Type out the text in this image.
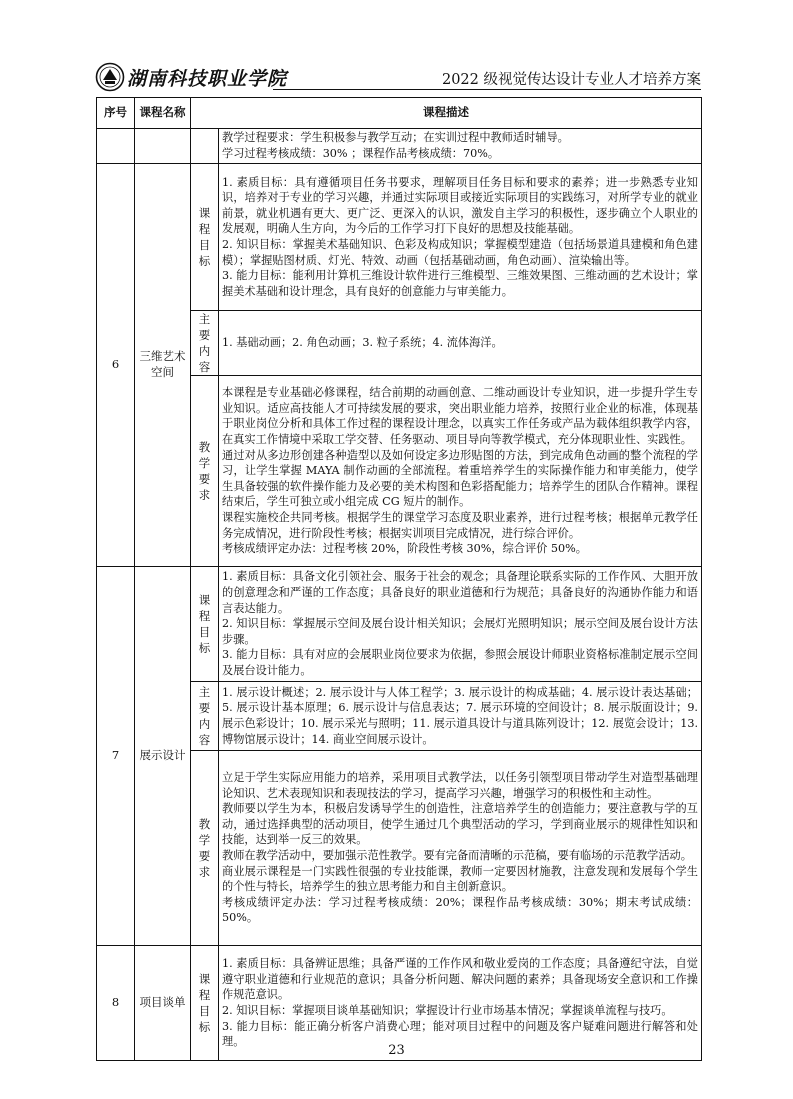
湖南科技职业学院	2022 级视觉传达设计专业人才培养方案
序号	课程名称	课程描述	

			教学过程要求：学生积极参与教学互动；在实训过程中教师适时辅导。
学习过程考核成绩：30% ；课程作品考核成绩：70%。

6	三维艺术空间	课程目标	1. 素质目标：具有遵循项目任务书要求，理解项目任务目标和要求的素养；进一步熟悉专业知识，培养对于专业的学习兴趣，并通过实际项目或接近实际项目的实践练习，对所学专业的就业前景，就业机遇有更大、更广泛、更深入的认识，激发自主学习的积极性，逐步确立个人职业的发展观，明确人生方向，为今后的工作学习打下良好的思想及技能基础。
2. 知识目标：掌握美术基础知识、色彩及构成知识；掌握模型建造（包括场景道具建模和角色建模）；掌握贴图材质、灯光、特效、动画（包括基础动画，角色动画）、渲染输出等。
3. 能力目标：能利用计算机三维设计软件进行三维模型、三维效果图、三维动画的艺术设计；掌握美术基础和设计理念，具有良好的创意能力与审美能力。

		主要内容	1. 基础动画；2. 角色动画；3. 粒子系统；4. 流体海洋。

		教学要求	本课程是专业基础必修课程，结合前期的动画创意、二维动画设计专业知识，进一步提升学生专业知识。适应高技能人才可持续发展的要求，突出职业能力培养，按照行业企业的标准，体现基于职业岗位分析和具体工作过程的课程设计理念，以真实工作任务或产品为载体组织教学内容，在真实工作情境中采取工学交替、任务驱动、项目导向等教学模式，充分体现职业性、实践性。
通过对从多边形创建各种造型以及如何设定多边形贴图的方法，到完成角色动画的整个流程的学习，让学生掌握 MAYA 制作动画的全部流程。着重培养学生的实际操作能力和审美能力，使学生具备较强的软件操作能力及必要的美术构图和色彩搭配能力；培养学生的团队合作精神。课程结束后，学生可独立或小组完成 CG 短片的制作。
课程实施校企共同考核。根据学生的课堂学习态度及职业素养，进行过程考核；根据单元教学任务完成情况，进行阶段性考核；根据实训项目完成情况，进行综合评价。
考核成绩评定办法：过程考核 20%，阶段性考核 30%，综合评价 50%。

7	展示设计	课程目标	1. 素质目标：具备文化引领社会、服务于社会的观念；具备理论联系实际的工作作风、大胆开放的创意理念和严谨的工作态度；具备良好的职业道德和行为规范；具备良好的沟通协作能力和语言表达能力。
2. 知识目标：掌握展示空间及展台设计相关知识；会展灯光照明知识；展示空间及展台设计方法步骤。
3. 能力目标：具有对应的会展职业岗位要求为依据，参照会展设计师职业资格标准制定展示空间及展台设计能力。

		主要内容	1. 展示设计概述；2. 展示设计与人体工程学；3. 展示设计的构成基础；4. 展示设计表达基础；5. 展示设计基本原理；6. 展示设计与信息表达；7. 展示环境的空间设计；8. 展示版面设计；9. 展示色彩设计；10. 展示采光与照明；11. 展示道具设计与道具陈列设计；12. 展览会设计；13. 博物馆展示设计；14. 商业空间展示设计。

		教学要求	立足于学生实际应用能力的培养，采用项目式教学法，以任务引领型项目带动学生对造型基础理论知识、艺术表现知识和表现技法的学习，提高学习兴趣，增强学习的积极性和主动性。
教师要以学生为本，积极启发诱导学生的创造性，注意培养学生的创造能力；要注意教与学的互动，通过选择典型的活动项目，使学生通过几个典型活动的学习，学到商业展示的规律性知识和技能，达到举一反三的效果。
教师在教学活动中，要加强示范性教学。要有完备而清晰的示范稿，要有临场的示范教学活动。
商业展示课程是一门实践性很强的专业技能课，教师一定要因材施教，注意发现和发展每个学生的个性与特长，培养学生的独立思考能力和自主创新意识。
考核成绩评定办法：学习过程考核成绩：20%；课程作品考核成绩：30%；期末考试成绩：50%。

8	项目谈单	课程目标	1. 素质目标：具备辨证思维；具备严谨的工作作风和敬业爱岗的工作态度；具备遵纪守法，自觉遵守职业道德和行业规范的意识；具备分析问题、解决问题的素养；具备现场安全意识和工作操作规范意识。
2. 知识目标：掌握项目谈单基础知识；掌握设计行业市场基本情况；掌握谈单流程与技巧。
3. 能力目标：能正确分析客户消费心理；能对项目过程中的问题及客户疑难问题进行解答和处理。
23
